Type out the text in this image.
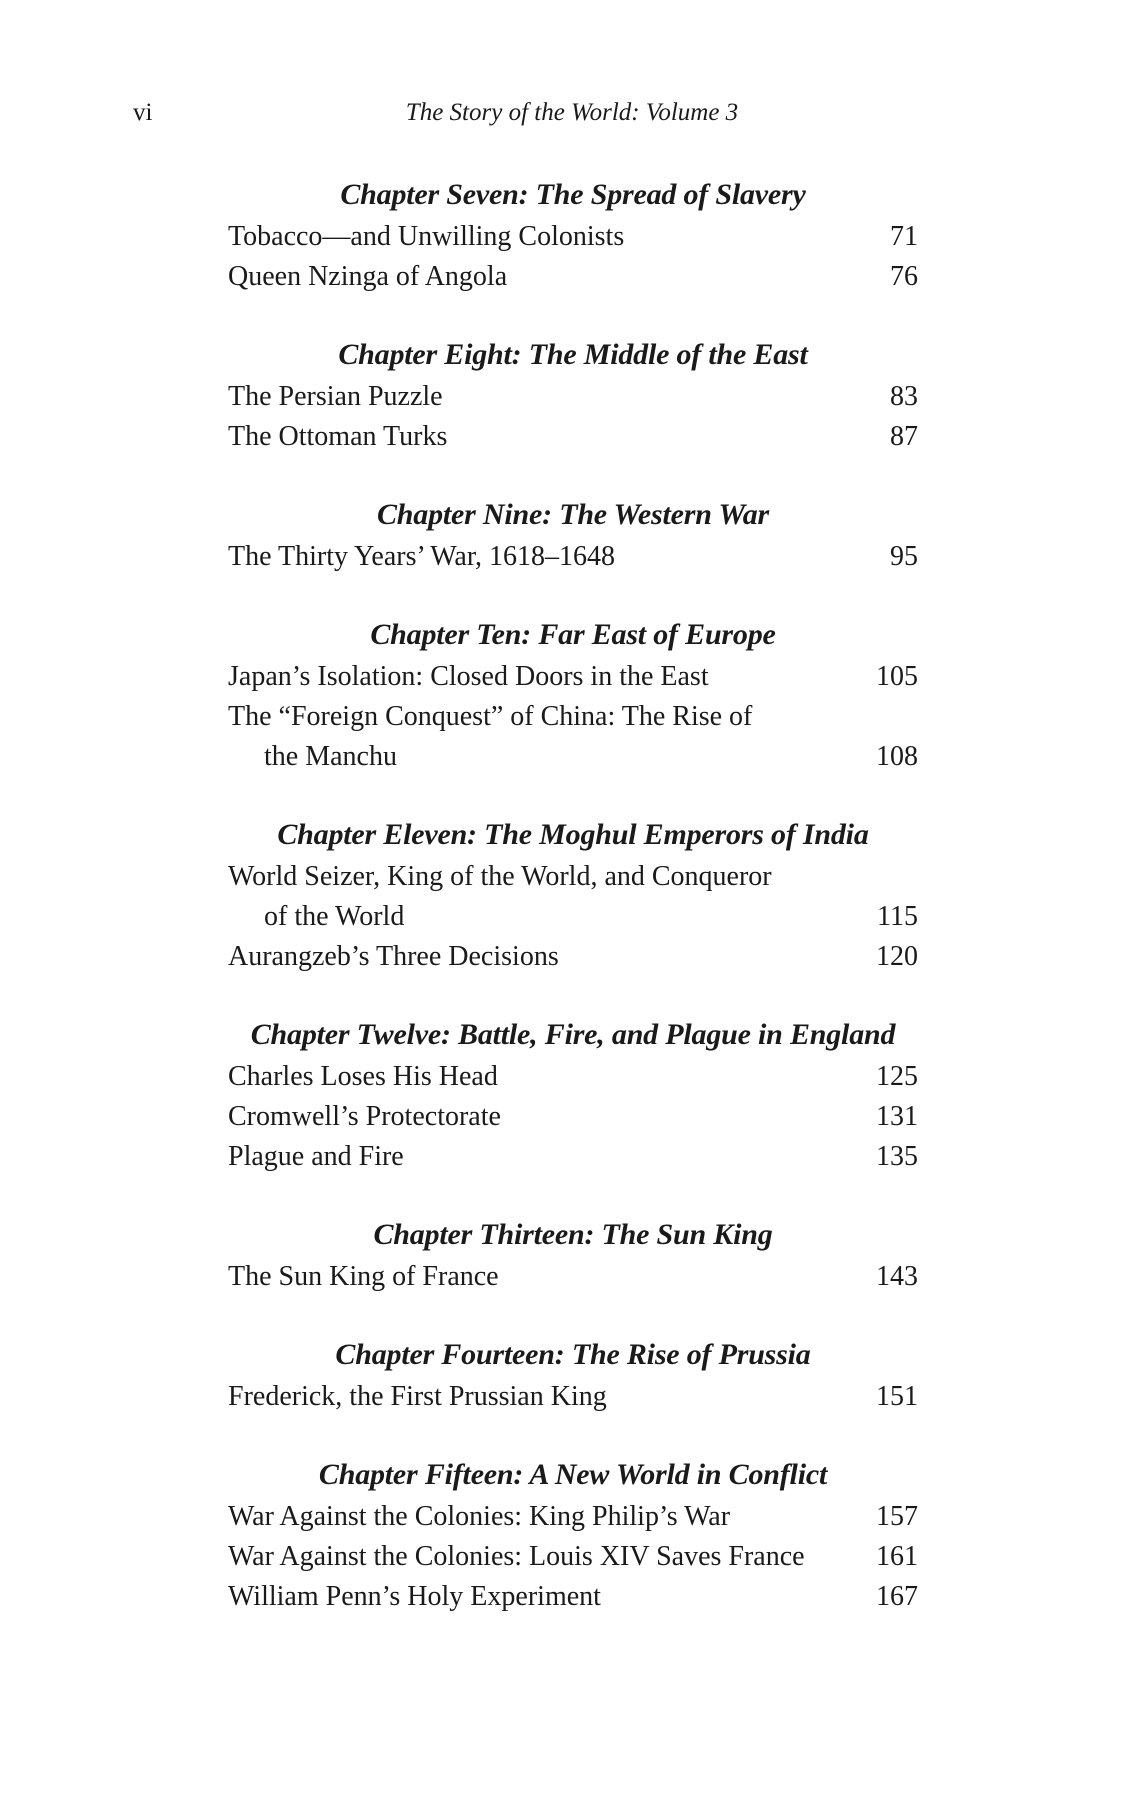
vi	The Story of the World: Volume 3
Chapter Seven: The Spread of Slavery
Tobacco—and Unwilling Colonists	71
Queen Nzinga of Angola	76
Chapter Eight: The Middle of the East
The Persian Puzzle	83
The Ottoman Turks	87
Chapter Nine: The Western War
The Thirty Years’ War, 1618–1648	95
Chapter Ten: Far East of Europe
Japan’s Isolation: Closed Doors in the East	105
The “Foreign Conquest” of China: The Rise of
the Manchu	108
Chapter Eleven: The Moghul Emperors of India
World Seizer, King of the World, and Conqueror
of the World	115
Aurangzeb’s Three Decisions	120
Chapter Twelve: Battle, Fire, and Plague in England
Charles Loses His Head	125
Cromwell’s Protectorate	131
Plague and Fire	135
Chapter Thirteen: The Sun King
The Sun King of France	143
Chapter Fourteen: The Rise of Prussia
Frederick, the First Prussian King	151
Chapter Fifteen: A New World in Conflict
War Against the Colonies: King Philip’s War	157
War Against the Colonies: Louis XIV Saves France	161
William Penn’s Holy Experiment	167
